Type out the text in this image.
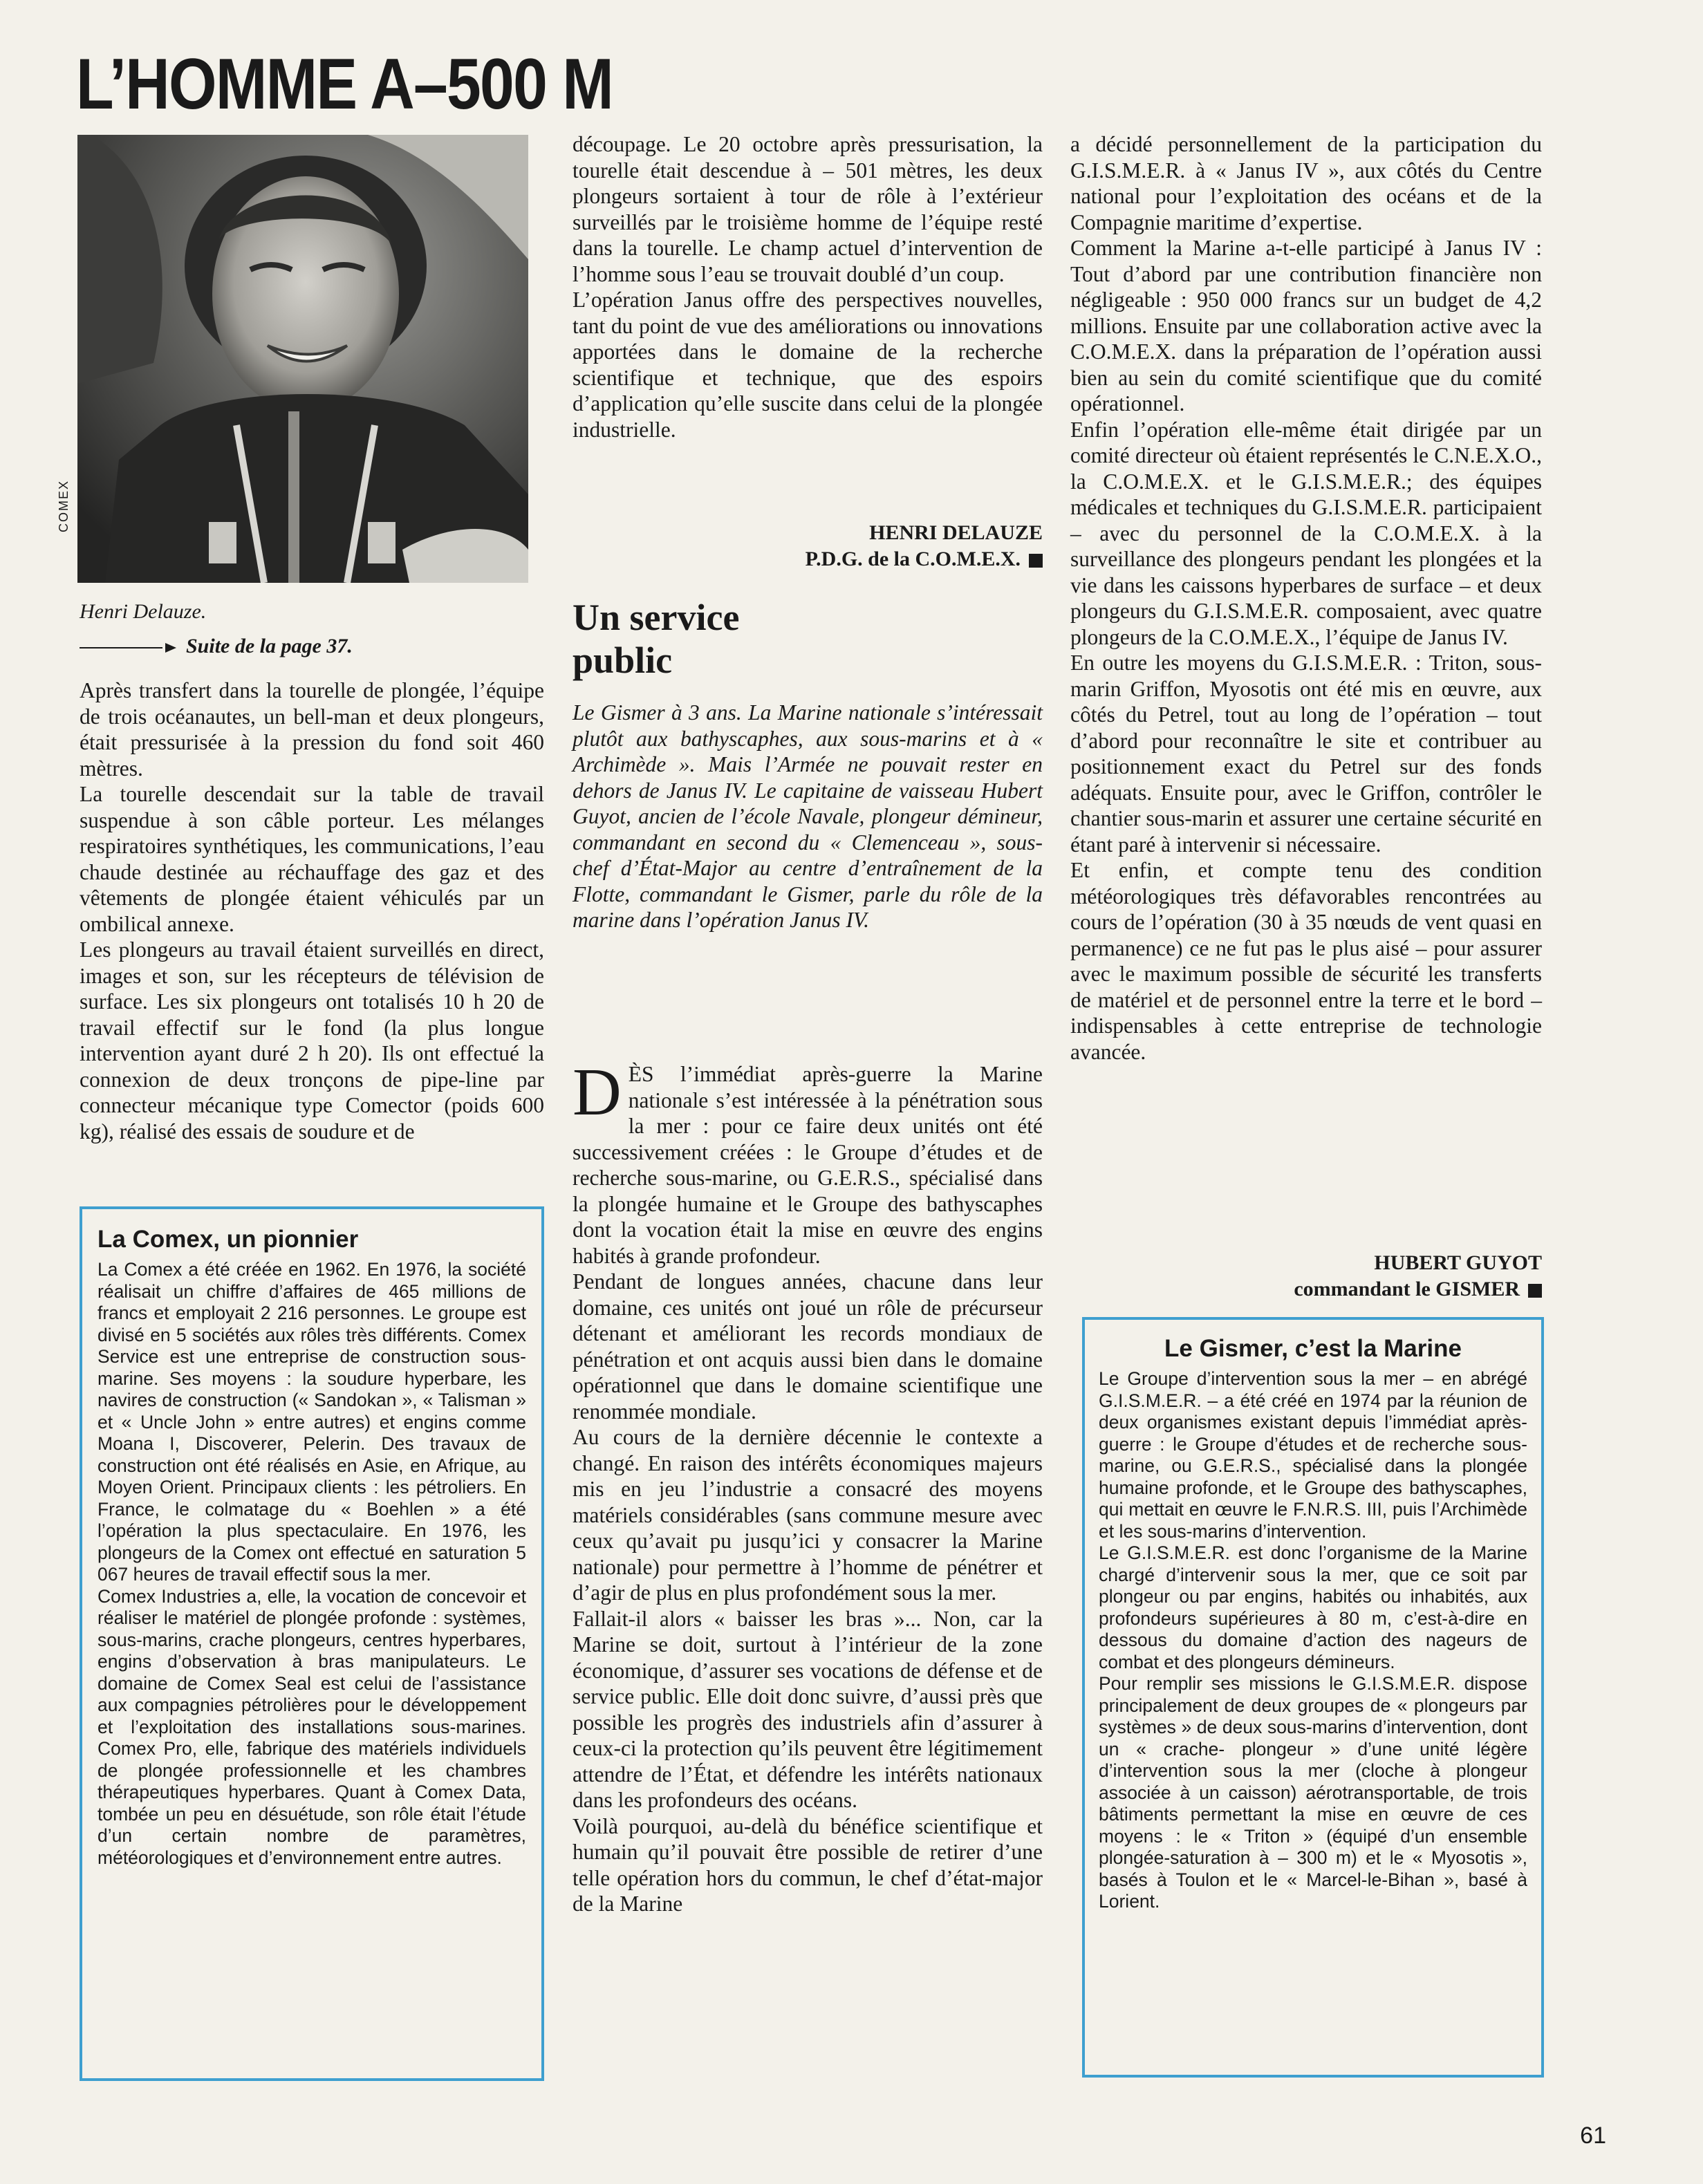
L’HOMME A–500 M
COMEX
Henri Delauze.
Suite de la page 37.

Après transfert dans la tourelle de plongée, l’équipe de trois océanautes, un bell-man et deux plongeurs, était pressurisée à la pression du fond soit 460 mètres.

La tourelle descendait sur la table de travail suspendue à son câble porteur. Les mélanges respiratoires synthétiques, les communications, l’eau chaude destinée au réchauffage des gaz et des vêtements de plongée étaient véhiculés par un ombilical annexe.

Les plongeurs au travail étaient surveillés en direct, images et son, sur les récepteurs de télévision de surface. Les six plongeurs ont totalisés 10 h 20 de travail effectif sur le fond (la plus longue intervention ayant duré 2 h 20). Ils ont effectué la connexion de deux tronçons de pipe-line par connecteur mécanique type Comector (poids 600 kg), réalisé des essais de soudure et de

La Comex, un pionnier

La Comex a été créée en 1962. En 1976, la société réalisait un chiffre d’affaires de 465 millions de francs et employait 2 216 personnes. Le groupe est divisé en 5 sociétés aux rôles très différents. Comex Service est une entreprise de construction sous-marine. Ses moyens : la soudure hyperbare, les navires de construction (« Sandokan », « Talisman » et « Uncle John » entre autres) et engins comme Moana I, Discoverer, Pelerin. Des travaux de construction ont été réalisés en Asie, en Afrique, au Moyen Orient. Principaux clients : les pétroliers. En France, le colmatage du « Boehlen » a été l’opération la plus spectaculaire. En 1976, les plongeurs de la Comex ont effectué en saturation 5 067 heures de travail effectif sous la mer.

Comex Industries a, elle, la vocation de concevoir et réaliser le matériel de plongée profonde : systèmes, sous-marins, crache plongeurs, centres hyperbares, engins d’observation à bras manipulateurs. Le domaine de Comex Seal est celui de l’assistance aux compagnies pétrolières pour le développement et l’exploitation des installations sous-marines. Comex Pro, elle, fabrique des matériels individuels de plongée professionnelle et les chambres thérapeutiques hyperbares. Quant à Comex Data, tombée un peu en désuétude, son rôle était l’étude d’un certain nombre de paramètres, météorologiques et d’environnement entre autres.

découpage. Le 20 octobre après pressurisation, la tourelle était descendue à – 501 mètres, les deux plongeurs sortaient à tour de rôle à l’extérieur surveillés par le troisième homme de l’équipe resté dans la tourelle. Le champ actuel d’intervention de l’homme sous l’eau se trouvait doublé d’un coup.

L’opération Janus offre des perspectives nouvelles, tant du point de vue des améliorations ou innovations apportées dans le domaine de la recherche scientifique et technique, que des espoirs d’application qu’elle suscite dans celui de la plongée industrielle.

HENRI DELAUZE
P.D.G. de la C.O.M.E.X.
Un service
public
Le Gismer à 3 ans. La Marine nationale s’intéressait plutôt aux bathyscaphes, aux sous-marins et à « Archimède ». Mais l’Armée ne pouvait rester en dehors de Janus IV. Le capitaine de vaisseau Hubert Guyot, ancien de l’école Navale, plongeur démineur, commandant en second du « Clemenceau », sous-chef d’État-Major au centre d’entraînement de la Flotte, commandant le Gismer, parle du rôle de la marine dans l’opération Janus IV.

DÈS l’immédiat après-guerre la Marine nationale s’est intéressée à la pénétration sous la mer : pour ce faire deux unités ont été successivement créées : le Groupe d’études et de recherche sous-marine, ou G.E.R.S., spécialisé dans la plongée humaine et le Groupe des bathyscaphes dont la vocation était la mise en œuvre des engins habités à grande profondeur.

Pendant de longues années, chacune dans leur domaine, ces unités ont joué un rôle de précurseur détenant et améliorant les records mondiaux de pénétration et ont acquis aussi bien dans le domaine opérationnel que dans le domaine scientifique une renommée mondiale.

Au cours de la dernière décennie le contexte a changé. En raison des intérêts économiques majeurs mis en jeu l’industrie a consacré des moyens matériels considérables (sans commune mesure avec ceux qu’avait pu jusqu’ici y consacrer la Marine nationale) pour permettre à l’homme de pénétrer et d’agir de plus en plus profondément sous la mer.

Fallait-il alors « baisser les bras »... Non, car la Marine se doit, surtout à l’intérieur de la zone économique, d’assurer ses vocations de défense et de service public. Elle doit donc suivre, d’aussi près que possible les progrès des industriels afin d’assurer à ceux-ci la protection qu’ils peuvent être légitimement attendre de l’État, et défendre les intérêts nationaux dans les profondeurs des océans.

Voilà pourquoi, au-delà du bénéfice scientifique et humain qu’il pouvait être possible de retirer d’une telle opération hors du commun, le chef d’état-major de la Marine

a décidé personnellement de la participation du G.I.S.M.E.R. à « Janus IV », aux côtés du Centre national pour l’exploitation des océans et de la Compagnie maritime d’expertise.

Comment la Marine a-t-elle participé à Janus IV : Tout d’abord par une contribution financière non négligeable : 950 000 francs sur un budget de 4,2 millions. Ensuite par une collaboration active avec la C.O.M.E.X. dans la préparation de l’opération aussi bien au sein du comité scientifique que du comité opérationnel.

Enfin l’opération elle-même était dirigée par un comité directeur où étaient représentés le C.N.E.X.O., la C.O.M.E.X. et le G.I.S.M.E.R.; des équipes médicales et techniques du G.I.S.M.E.R. participaient – avec du personnel de la C.O.M.E.X. à la surveillance des plongeurs pendant les plongées et la vie dans les caissons hyperbares de surface – et deux plongeurs du G.I.S.M.E.R. composaient, avec quatre plongeurs de la C.O.M.E.X., l’équipe de Janus IV.

En outre les moyens du G.I.S.M.E.R. : Triton, sous-marin Griffon, Myosotis ont été mis en œuvre, aux côtés du Petrel, tout au long de l’opération – tout d’abord pour reconnaître le site et contribuer au positionnement exact du Petrel sur des fonds adéquats. Ensuite pour, avec le Griffon, contrôler le chantier sous-marin et assurer une certaine sécurité en étant paré à intervenir si nécessaire.

Et enfin, et compte tenu des condition météorologiques très défavorables rencontrées au cours de l’opération (30 à 35 nœuds de vent quasi en permanence) ce ne fut pas le plus aisé – pour assurer avec le maximum possible de sécurité les transferts de matériel et de personnel entre la terre et le bord – indispensables à cette entreprise de technologie avancée.

HUBERT GUYOT
commandant le GISMER
Le Gismer, c’est la Marine

Le Groupe d’intervention sous la mer – en abrégé G.I.S.M.E.R. – a été créé en 1974 par la réunion de deux organismes existant depuis l’immédiat après-guerre : le Groupe d’études et de recherche sous-marine, ou G.E.R.S., spécialisé dans la plongée humaine profonde, et le Groupe des bathyscaphes, qui mettait en œuvre le F.N.R.S. III, puis l’Archimède et les sous-marins d’intervention.

Le G.I.S.M.E.R. est donc l’organisme de la Marine chargé d’intervenir sous la mer, que ce soit par plongeur ou par engins, habités ou inhabités, aux profondeurs supérieures à 80 m, c’est-à-dire en dessous du domaine d’action des nageurs de combat et des plongeurs démineurs.

Pour remplir ses missions le G.I.S.M.E.R. dispose principalement de deux groupes de « plongeurs par systèmes » de deux sous-marins d’intervention, dont un « crache- plongeur » d’une unité légère d’intervention sous la mer (cloche à plongeur associée à un caisson) aérotransportable, de trois bâtiments permettant la mise en œuvre de ces moyens : le « Triton » (équipé d’un ensemble plongée-saturation à – 300 m) et le « Myosotis », basés à Toulon et le « Marcel-le-Bihan », basé à Lorient.

61
